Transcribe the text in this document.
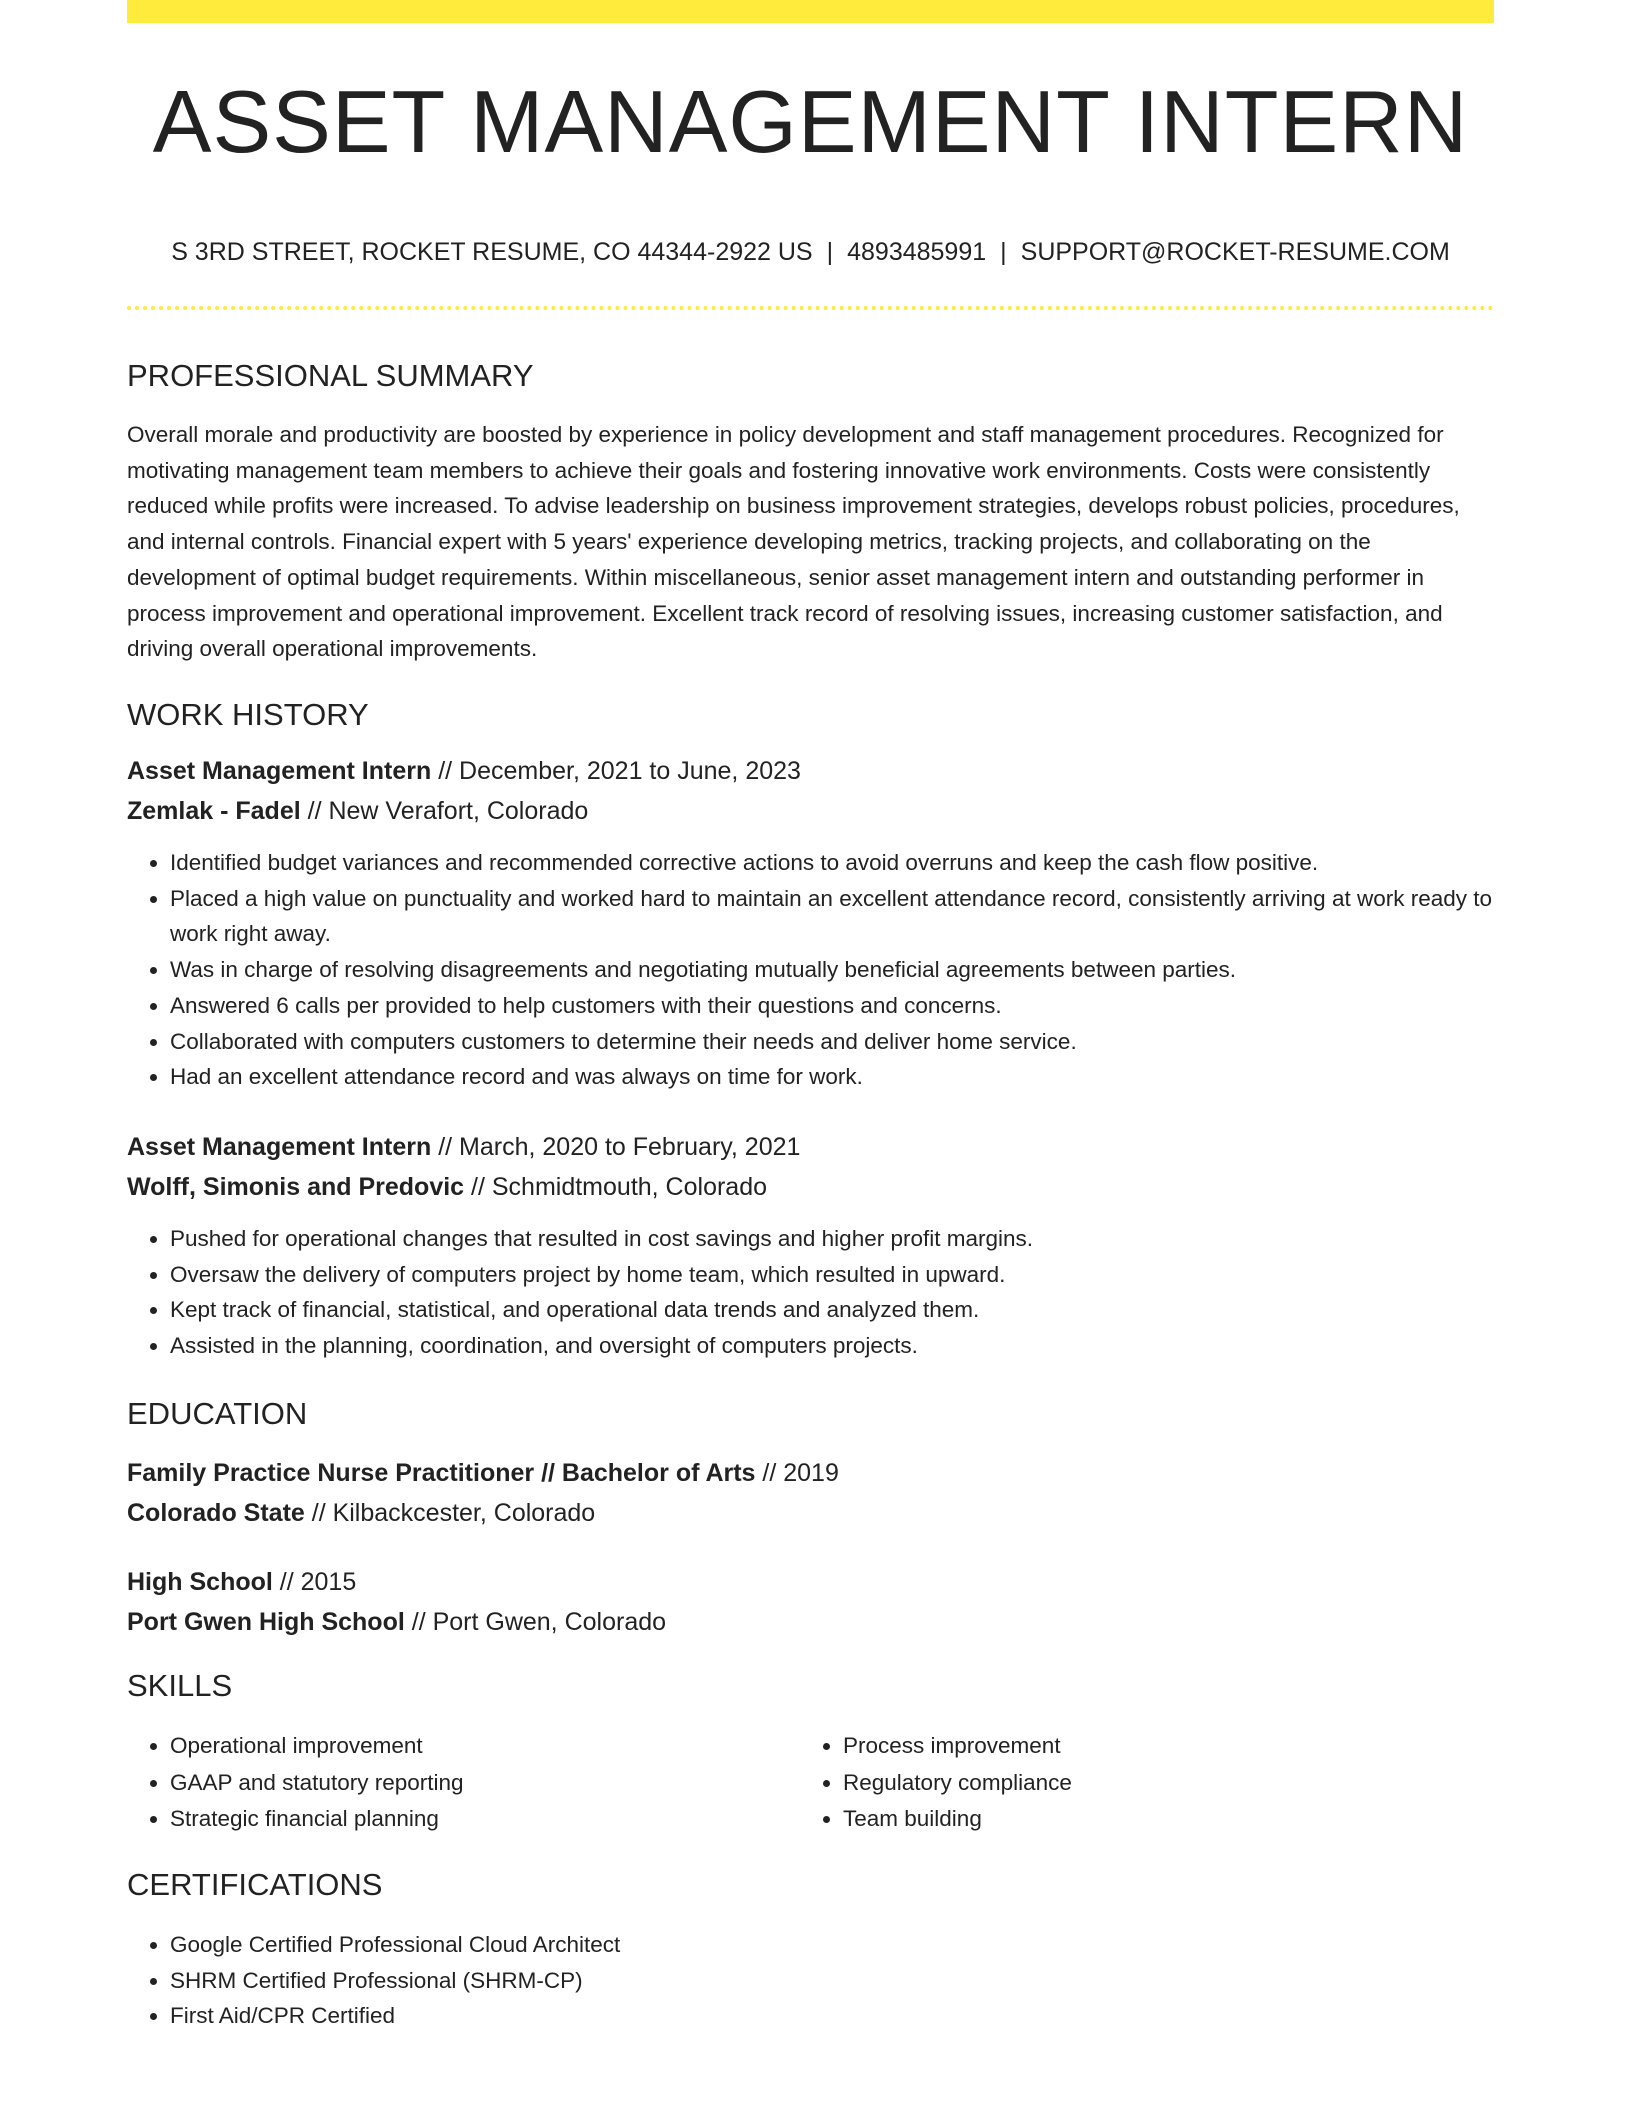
ASSET MANAGEMENT INTERN
S 3RD STREET, ROCKET RESUME, CO 44344-2922 US | 4893485991 | SUPPORT@ROCKET-RESUME.COM
PROFESSIONAL SUMMARY
Overall morale and productivity are boosted by experience in policy development and staff management procedures. Recognized for motivating management team members to achieve their goals and fostering innovative work environments. Costs were consistently reduced while profits were increased. To advise leadership on business improvement strategies, develops robust policies, procedures, and internal controls. Financial expert with 5 years' experience developing metrics, tracking projects, and collaborating on the development of optimal budget requirements. Within miscellaneous, senior asset management intern and outstanding performer in process improvement and operational improvement. Excellent track record of resolving issues, increasing customer satisfaction, and driving overall operational improvements.
WORK HISTORY
Asset Management Intern // December, 2021 to June, 2023
Zemlak - Fadel // New Verafort, Colorado
• Identified budget variances and recommended corrective actions to avoid overruns and keep the cash flow positive.
• Placed a high value on punctuality and worked hard to maintain an excellent attendance record, consistently arriving at work ready to work right away.
• Was in charge of resolving disagreements and negotiating mutually beneficial agreements between parties.
• Answered 6 calls per provided to help customers with their questions and concerns.
• Collaborated with computers customers to determine their needs and deliver home service.
• Had an excellent attendance record and was always on time for work.
Asset Management Intern // March, 2020 to February, 2021
Wolff, Simonis and Predovic // Schmidtmouth, Colorado
• Pushed for operational changes that resulted in cost savings and higher profit margins.
• Oversaw the delivery of computers project by home team, which resulted in upward.
• Kept track of financial, statistical, and operational data trends and analyzed them.
• Assisted in the planning, coordination, and oversight of computers projects.
EDUCATION
Family Practice Nurse Practitioner // Bachelor of Arts // 2019
Colorado State // Kilbackcester, Colorado
High School // 2015
Port Gwen High School // Port Gwen, Colorado
SKILLS
• Operational improvement
• GAAP and statutory reporting
• Strategic financial planning
• Process improvement
• Regulatory compliance
• Team building
CERTIFICATIONS
• Google Certified Professional Cloud Architect
• SHRM Certified Professional (SHRM-CP)
• First Aid/CPR Certified
